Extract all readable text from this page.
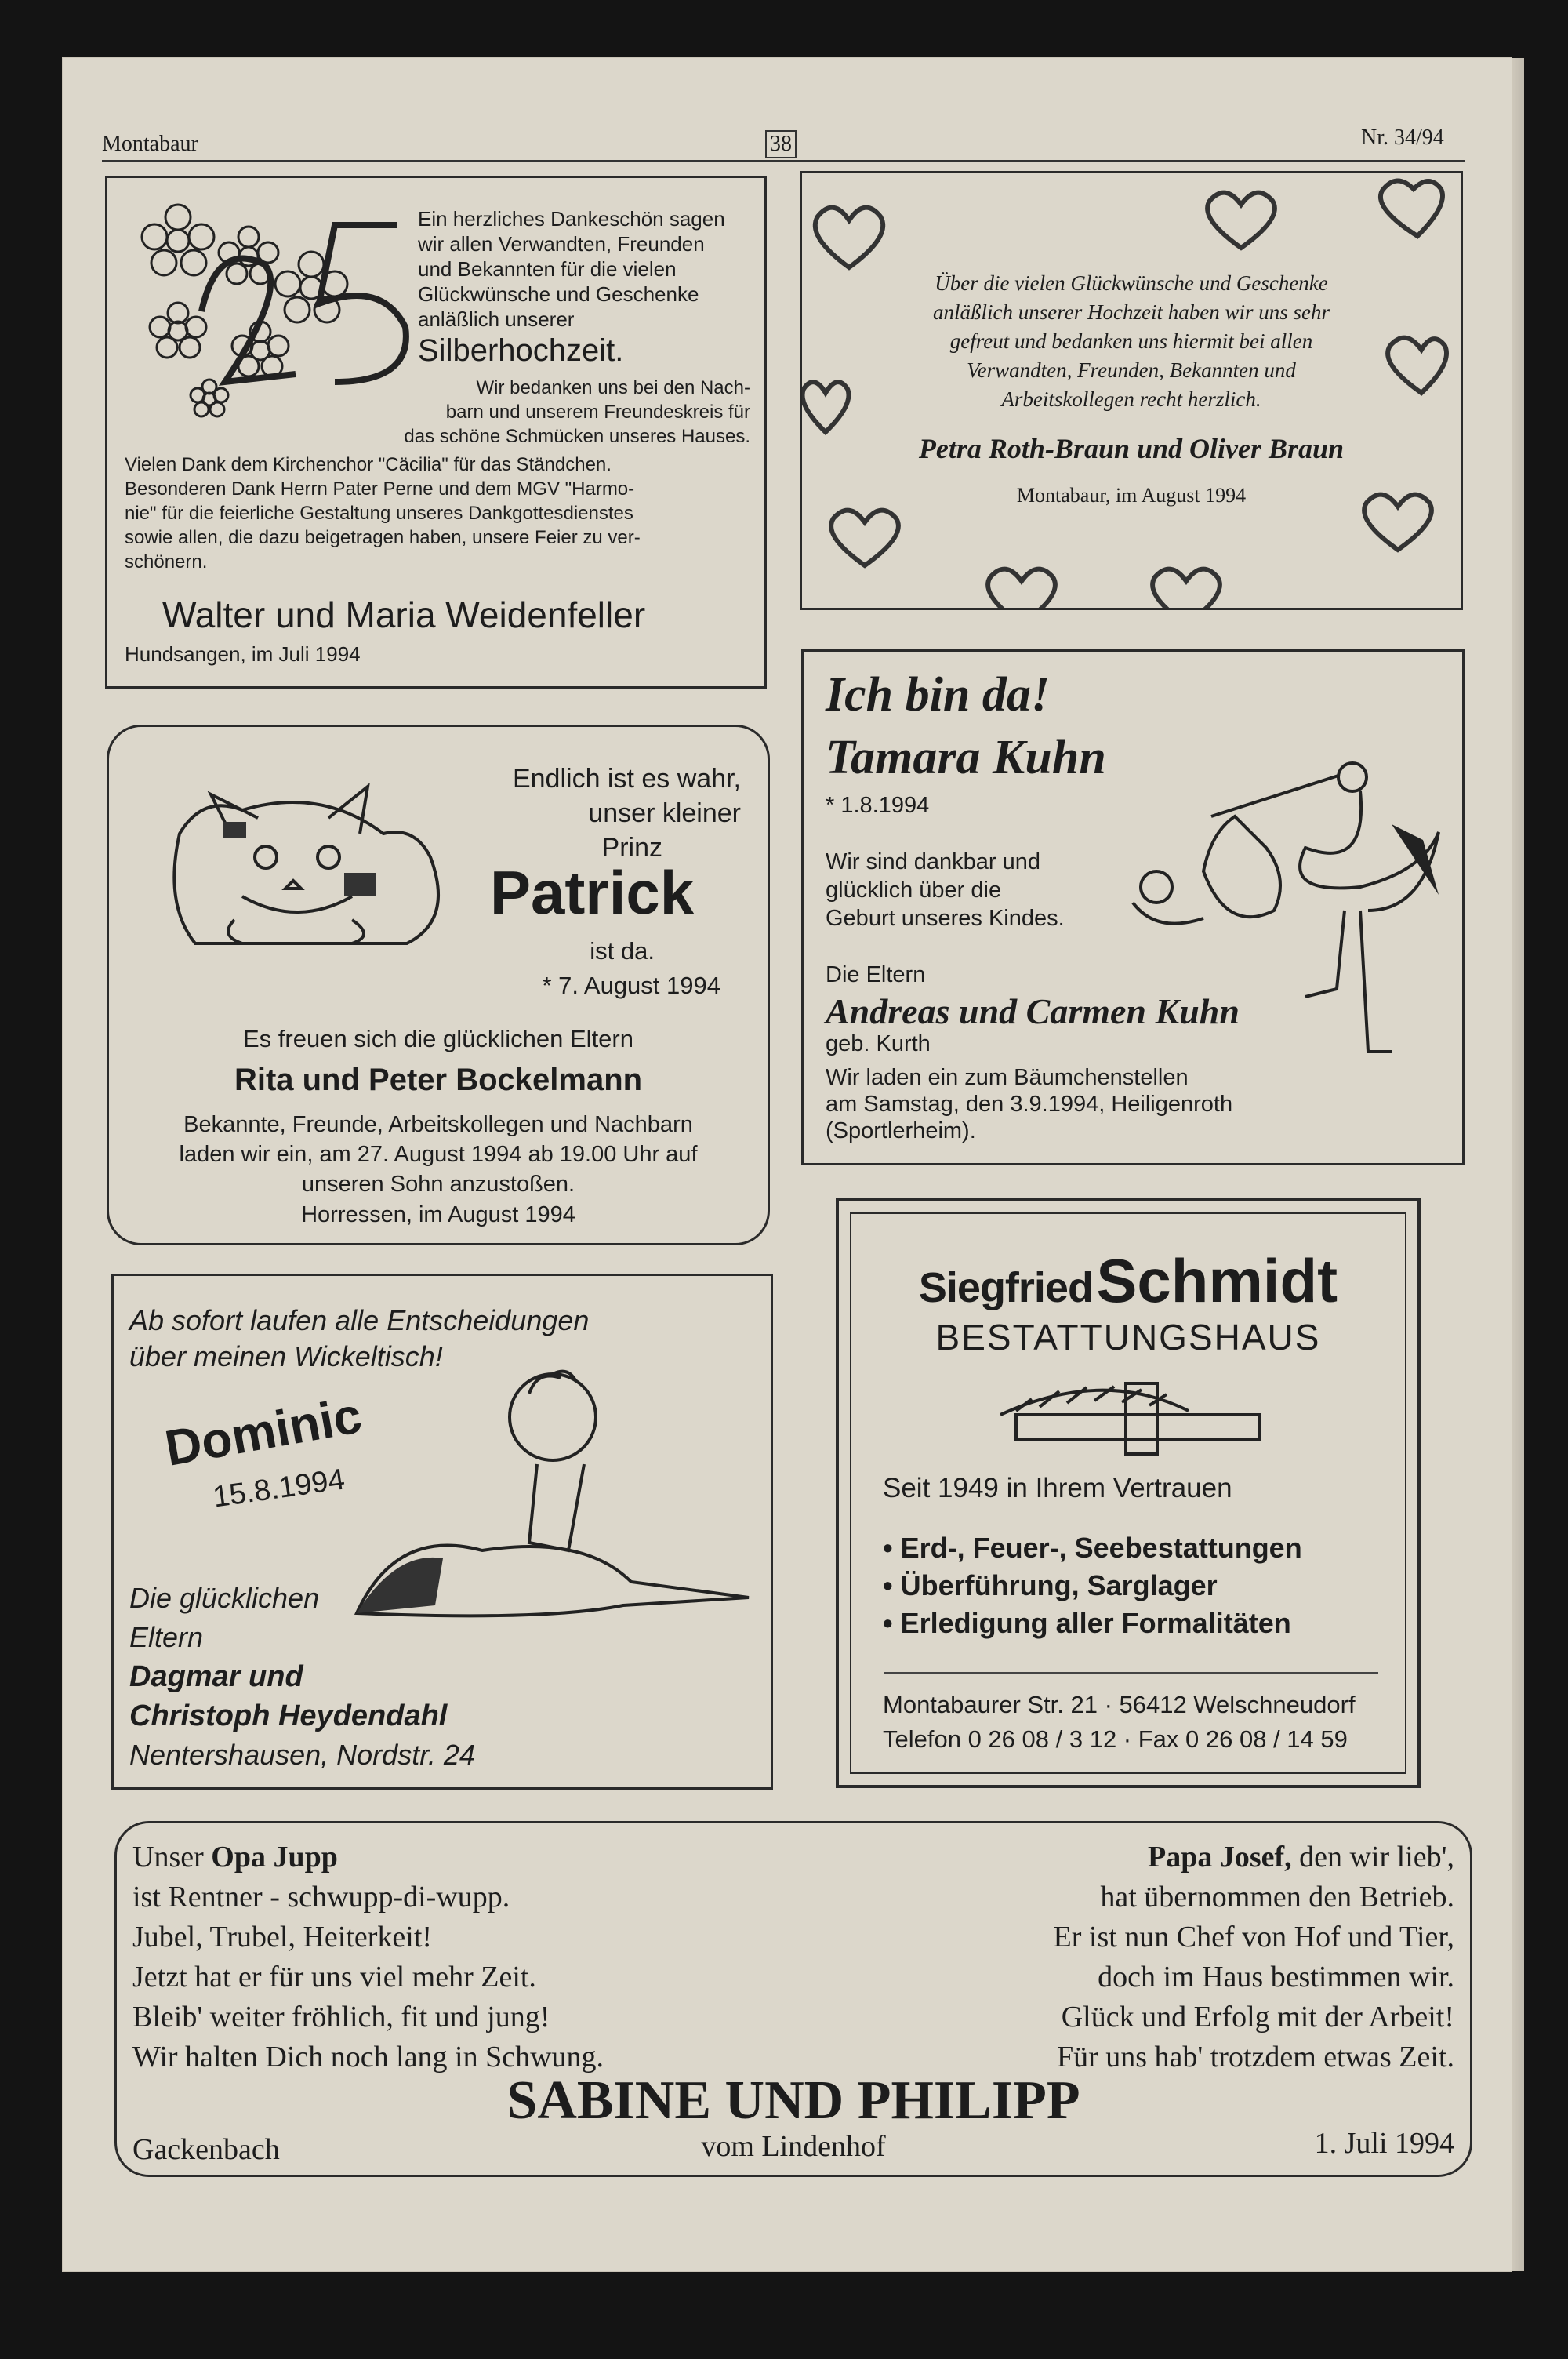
Montabaur	38	Nr. 34/94
Ein herzliches Dankeschön sagen
wir allen Verwandten, Freunden
und Bekannten für die vielen
Glückwünsche und Geschenke
anläßlich unserer
Silberhochzeit.
Wir bedanken uns bei den Nach-
barn und unserem Freundeskreis für
das schöne Schmücken unseres Hauses.
Vielen Dank dem Kirchenchor "Cäcilia" für das Ständchen.
Besonderen Dank Herrn Pater Perne und dem MGV "Harmo-
nie" für die feierliche Gestaltung unseres Dankgottesdienstes
sowie allen, die dazu beigetragen haben, unsere Feier zu ver-
schönern.
Walter und Maria Weidenfeller
Hundsangen, im Juli 1994
Über die vielen Glückwünsche und Geschenke
anläßlich unserer Hochzeit haben wir uns sehr
gefreut und bedanken uns hiermit bei allen
Verwandten, Freunden, Bekannten und
Arbeitskollegen recht herzlich.
Petra Roth-Braun und Oliver Braun
Montabaur, im August 1994
Endlich ist es wahr,
unser kleiner
Prinz
Patrick
ist da.
* 7. August 1994
Es freuen sich die glücklichen Eltern
Rita und Peter Bockelmann
Bekannte, Freunde, Arbeitskollegen und Nachbarn
laden wir ein, am 27. August 1994 ab 19.00 Uhr auf
unseren Sohn anzustoßen.
Horressen, im August 1994
Ich bin da!
Tamara Kuhn
* 1.8.1994
Wir sind dankbar und
glücklich über die
Geburt unseres Kindes.
Die Eltern
Andreas und Carmen Kuhn
geb. Kurth
Wir laden ein zum Bäumchenstellen
am Samstag, den 3.9.1994, Heiligenroth
(Sportlerheim).
Ab sofort laufen alle Entscheidungen
über meinen Wickeltisch!
Dominic
15.8.1994
Die glücklichen
Eltern
Dagmar und
Christoph Heydendahl
Nentershausen, Nordstr. 24
Siegfried Schmidt
BESTATTUNGSHAUS
Seit 1949 in Ihrem Vertrauen
• Erd-, Feuer-, Seebestattungen
• Überführung, Sarglager
• Erledigung aller Formalitäten
Montabaurer Str. 21 · 56412 Welschneudorf
Telefon 0 26 08 / 3 12 · Fax 0 26 08 / 14 59
Unser Opa Jupp
ist Rentner - schwupp-di-wupp.
Jubel, Trubel, Heiterkeit!
Jetzt hat er für uns viel mehr Zeit.
Bleib' weiter fröhlich, fit und jung!
Wir halten Dich noch lang in Schwung.
Papa Josef, den wir lieb',
hat übernommen den Betrieb.
Er ist nun Chef von Hof und Tier,
doch im Haus bestimmen wir.
Glück und Erfolg mit der Arbeit!
Für uns hab' trotzdem etwas Zeit.
SABINE UND PHILIPP
Gackenbach	vom Lindenhof	1. Juli 1994
